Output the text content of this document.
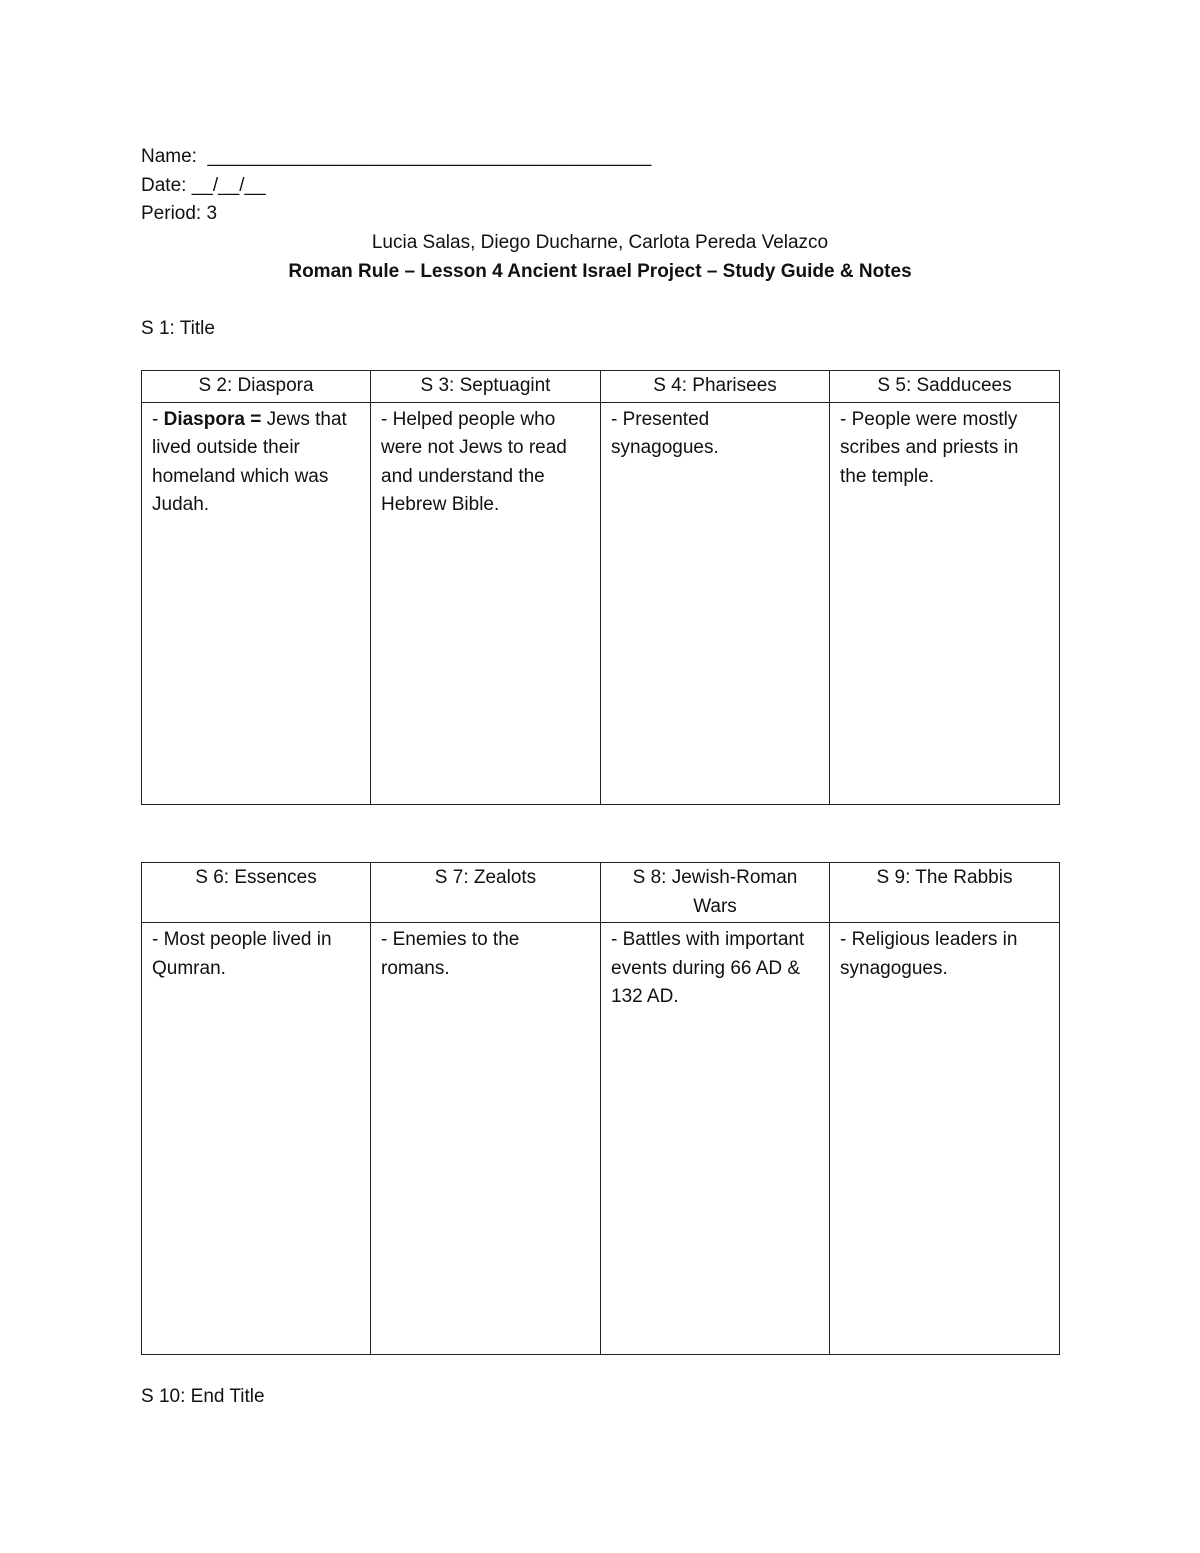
Name: __________________________________________
Date: __/__/__
Period: 3
Lucia Salas, Diego Ducharne, Carlota Pereda Velazco
Roman Rule – Lesson 4 Ancient Israel Project – Study Guide & Notes
S 1: Title
S 2: Diaspora	S 3: Septuagint	S 4: Pharisees	S 5: Sadducees
- Diaspora = Jews that lived outside their homeland which was Judah.	- Helped people who were not Jews to read and understand the Hebrew Bible.	- Presented synagogues.	- People were mostly scribes and priests in the temple.
S 6: Essences	S 7: Zealots	S 8: Jewish-Roman Wars	S 9: The Rabbis
- Most people lived in Qumran.	- Enemies to the romans.	- Battles with important events during 66 AD & 132 AD.	- Religious leaders in synagogues.
S 10: End Title
